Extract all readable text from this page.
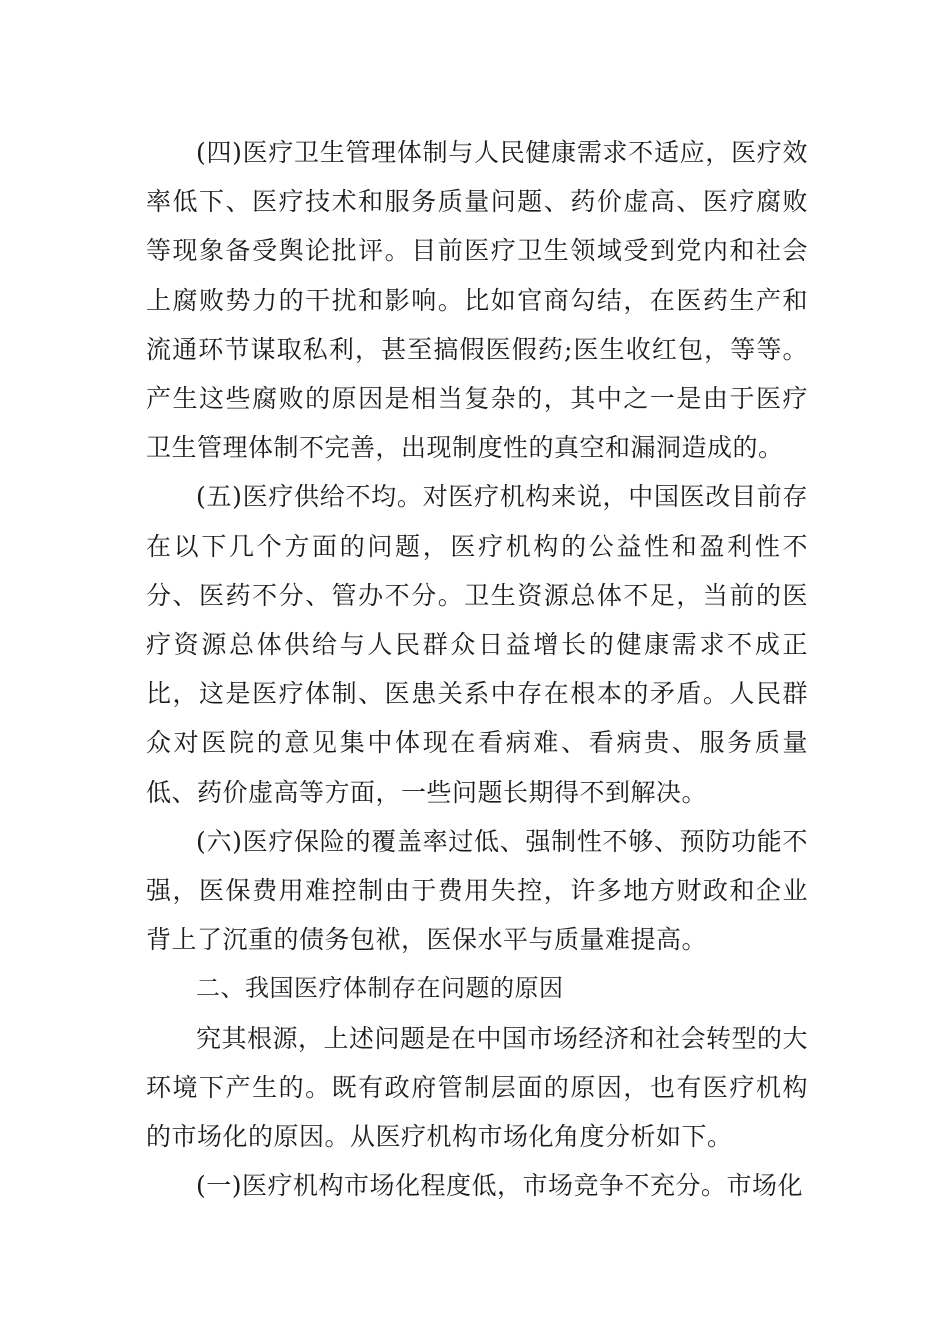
(四)医疗卫生管理体制与人民健康需求不适应，医疗效率低下、医疗技术和服务质量问题、药价虚高、医疗腐败等现象备受舆论批评。目前医疗卫生领域受到党内和社会上腐败势力的干扰和影响。比如官商勾结，在医药生产和流通环节谋取私利，甚至搞假医假药;医生收红包，等等。产生这些腐败的原因是相当复杂的，其中之一是由于医疗卫生管理体制不完善，出现制度性的真空和漏洞造成的。

(五)医疗供给不均。对医疗机构来说，中国医改目前存在以下几个方面的问题，医疗机构的公益性和盈利性不分、医药不分、管办不分。卫生资源总体不足，当前的医疗资源总体供给与人民群众日益增长的健康需求不成正比，这是医疗体制、医患关系中存在根本的矛盾。人民群众对医院的意见集中体现在看病难、看病贵、服务质量低、药价虚高等方面，一些问题长期得不到解决。

(六)医疗保险的覆盖率过低、强制性不够、预防功能不强，医保费用难控制由于费用失控，许多地方财政和企业背上了沉重的债务包袱，医保水平与质量难提高。

二、我国医疗体制存在问题的原因

究其根源，上述问题是在中国市场经济和社会转型的大环境下产生的。既有政府管制层面的原因，也有医疗机构的市场化的原因。从医疗机构市场化角度分析如下。

(一)医疗机构市场化程度低，市场竞争不充分。市场化
